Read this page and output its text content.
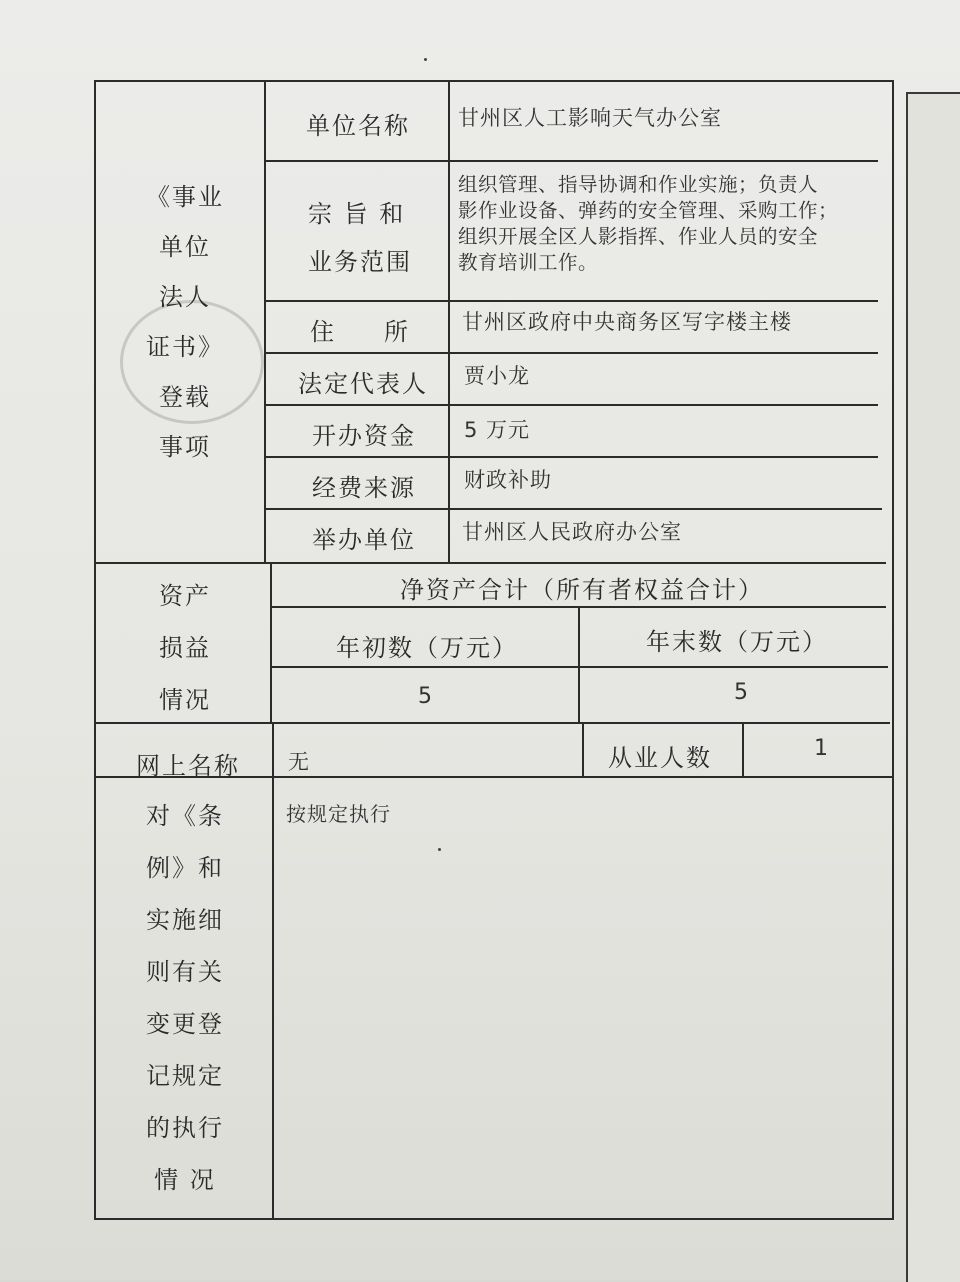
《事业
单位
法人
证书》
登载
事项
单位名称 甘州区人工影响天气办公室
宗 旨 和
业务范围
组织管理、指导协调和作业实施；负责人
影作业设备、弹药的安全管理、采购工作；
组织开展全区人影指挥、作业人员的安全
教育培训工作。
住 所 甘州区政府中央商务区写字楼主楼
法定代表人 贾小龙
开办资金 5 万元
经费来源 财政补助
举办单位 甘州区人民政府办公室
资产
损益
情况
净资产合计（所有者权益合计）
年初数（万元）	年末数（万元）
5	5
网上名称 无	从业人数	1
对《条
例》和
实施细
则有关
变更登
记规定
的执行
情 况
按规定执行
